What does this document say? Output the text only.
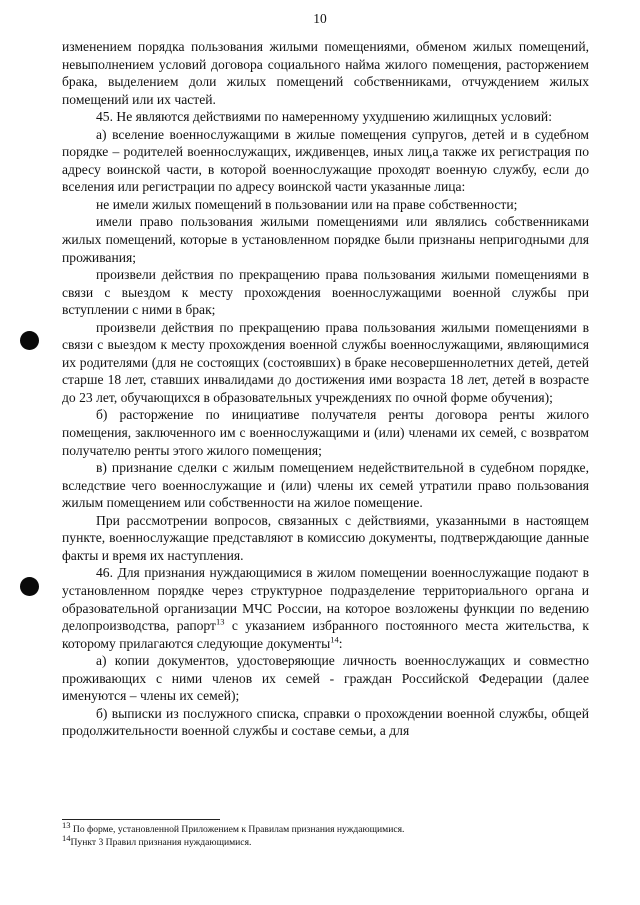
10

изменением порядка пользования жилыми помещениями, обменом жилых помещений, невыполнением условий договора социального найма жилого помещения, расторжением брака, выделением доли жилых помещений собственниками, отчуждением жилых помещений или их частей.

45. Не являются действиями по намеренному ухудшению жилищных условий:

а) вселение военнослужащими в жилые помещения супругов, детей и в судебном порядке – родителей военнослужащих, иждивенцев, иных лиц,а также их регистрация по адресу воинской части, в которой военнослужащие проходят военную службу, если до вселения или регистрации по адресу воинской части указанные лица:

не имели жилых помещений в пользовании или на праве собственности;

имели право пользования жилыми помещениями или являлись собственниками жилых помещений, которые в установленном порядке были признаны непригодными для проживания;

произвели действия по прекращению права пользования жилыми помещениями в связи с выездом к месту прохождения военнослужащими военной службы при вступлении с ними в брак;

произвели действия по прекращению права пользования жилыми помещениями в связи с выездом к месту прохождения военной службы военнослужащими, являющимися их родителями (для не состоящих (состоявших) в браке несовершеннолетних детей, детей старше 18 лет, ставших инвалидами до достижения ими возраста 18 лет, детей в возрасте до 23 лет, обучающихся в образовательных учреждениях по очной форме обучения);

б) расторжение по инициативе получателя ренты договора ренты жилого помещения, заключенного им с военнослужащими и (или) членами их семей, с возвратом получателю ренты этого жилого помещения;

в) признание сделки с жилым помещением недействительной в судебном порядке, вследствие чего военнослужащие и (или) члены их семей утратили право пользования жилым помещением или собственности на жилое помещение.

При рассмотрении вопросов, связанных с действиями, указанными в настоящем пункте, военнослужащие представляют в комиссию документы, подтверждающие данные факты и время их наступления.

46. Для признания нуждающимися в жилом помещении военнослужащие подают в установленном порядке через структурное подразделение территориального органа и образовательной организации МЧС России, на которое возложены функции по ведению делопроизводства, рапорт$^{13}$ с указанием избранного постоянного места жительства, к которому прилагаются следующие документы$^{14}$:

а) копии документов, удостоверяющие личность военнослужащих и совместно проживающих с ними членов их семей - граждан Российской Федерации (далее именуются – члены их семей);

б) выписки из послужного списка, справки о прохождении военной службы, общей продолжительности военной службы и составе семьи, а для

$^{13}$ По форме, установленной Приложением к Правилам признания нуждающимися.
$^{14}$Пункт 3 Правил признания нуждающимися.
